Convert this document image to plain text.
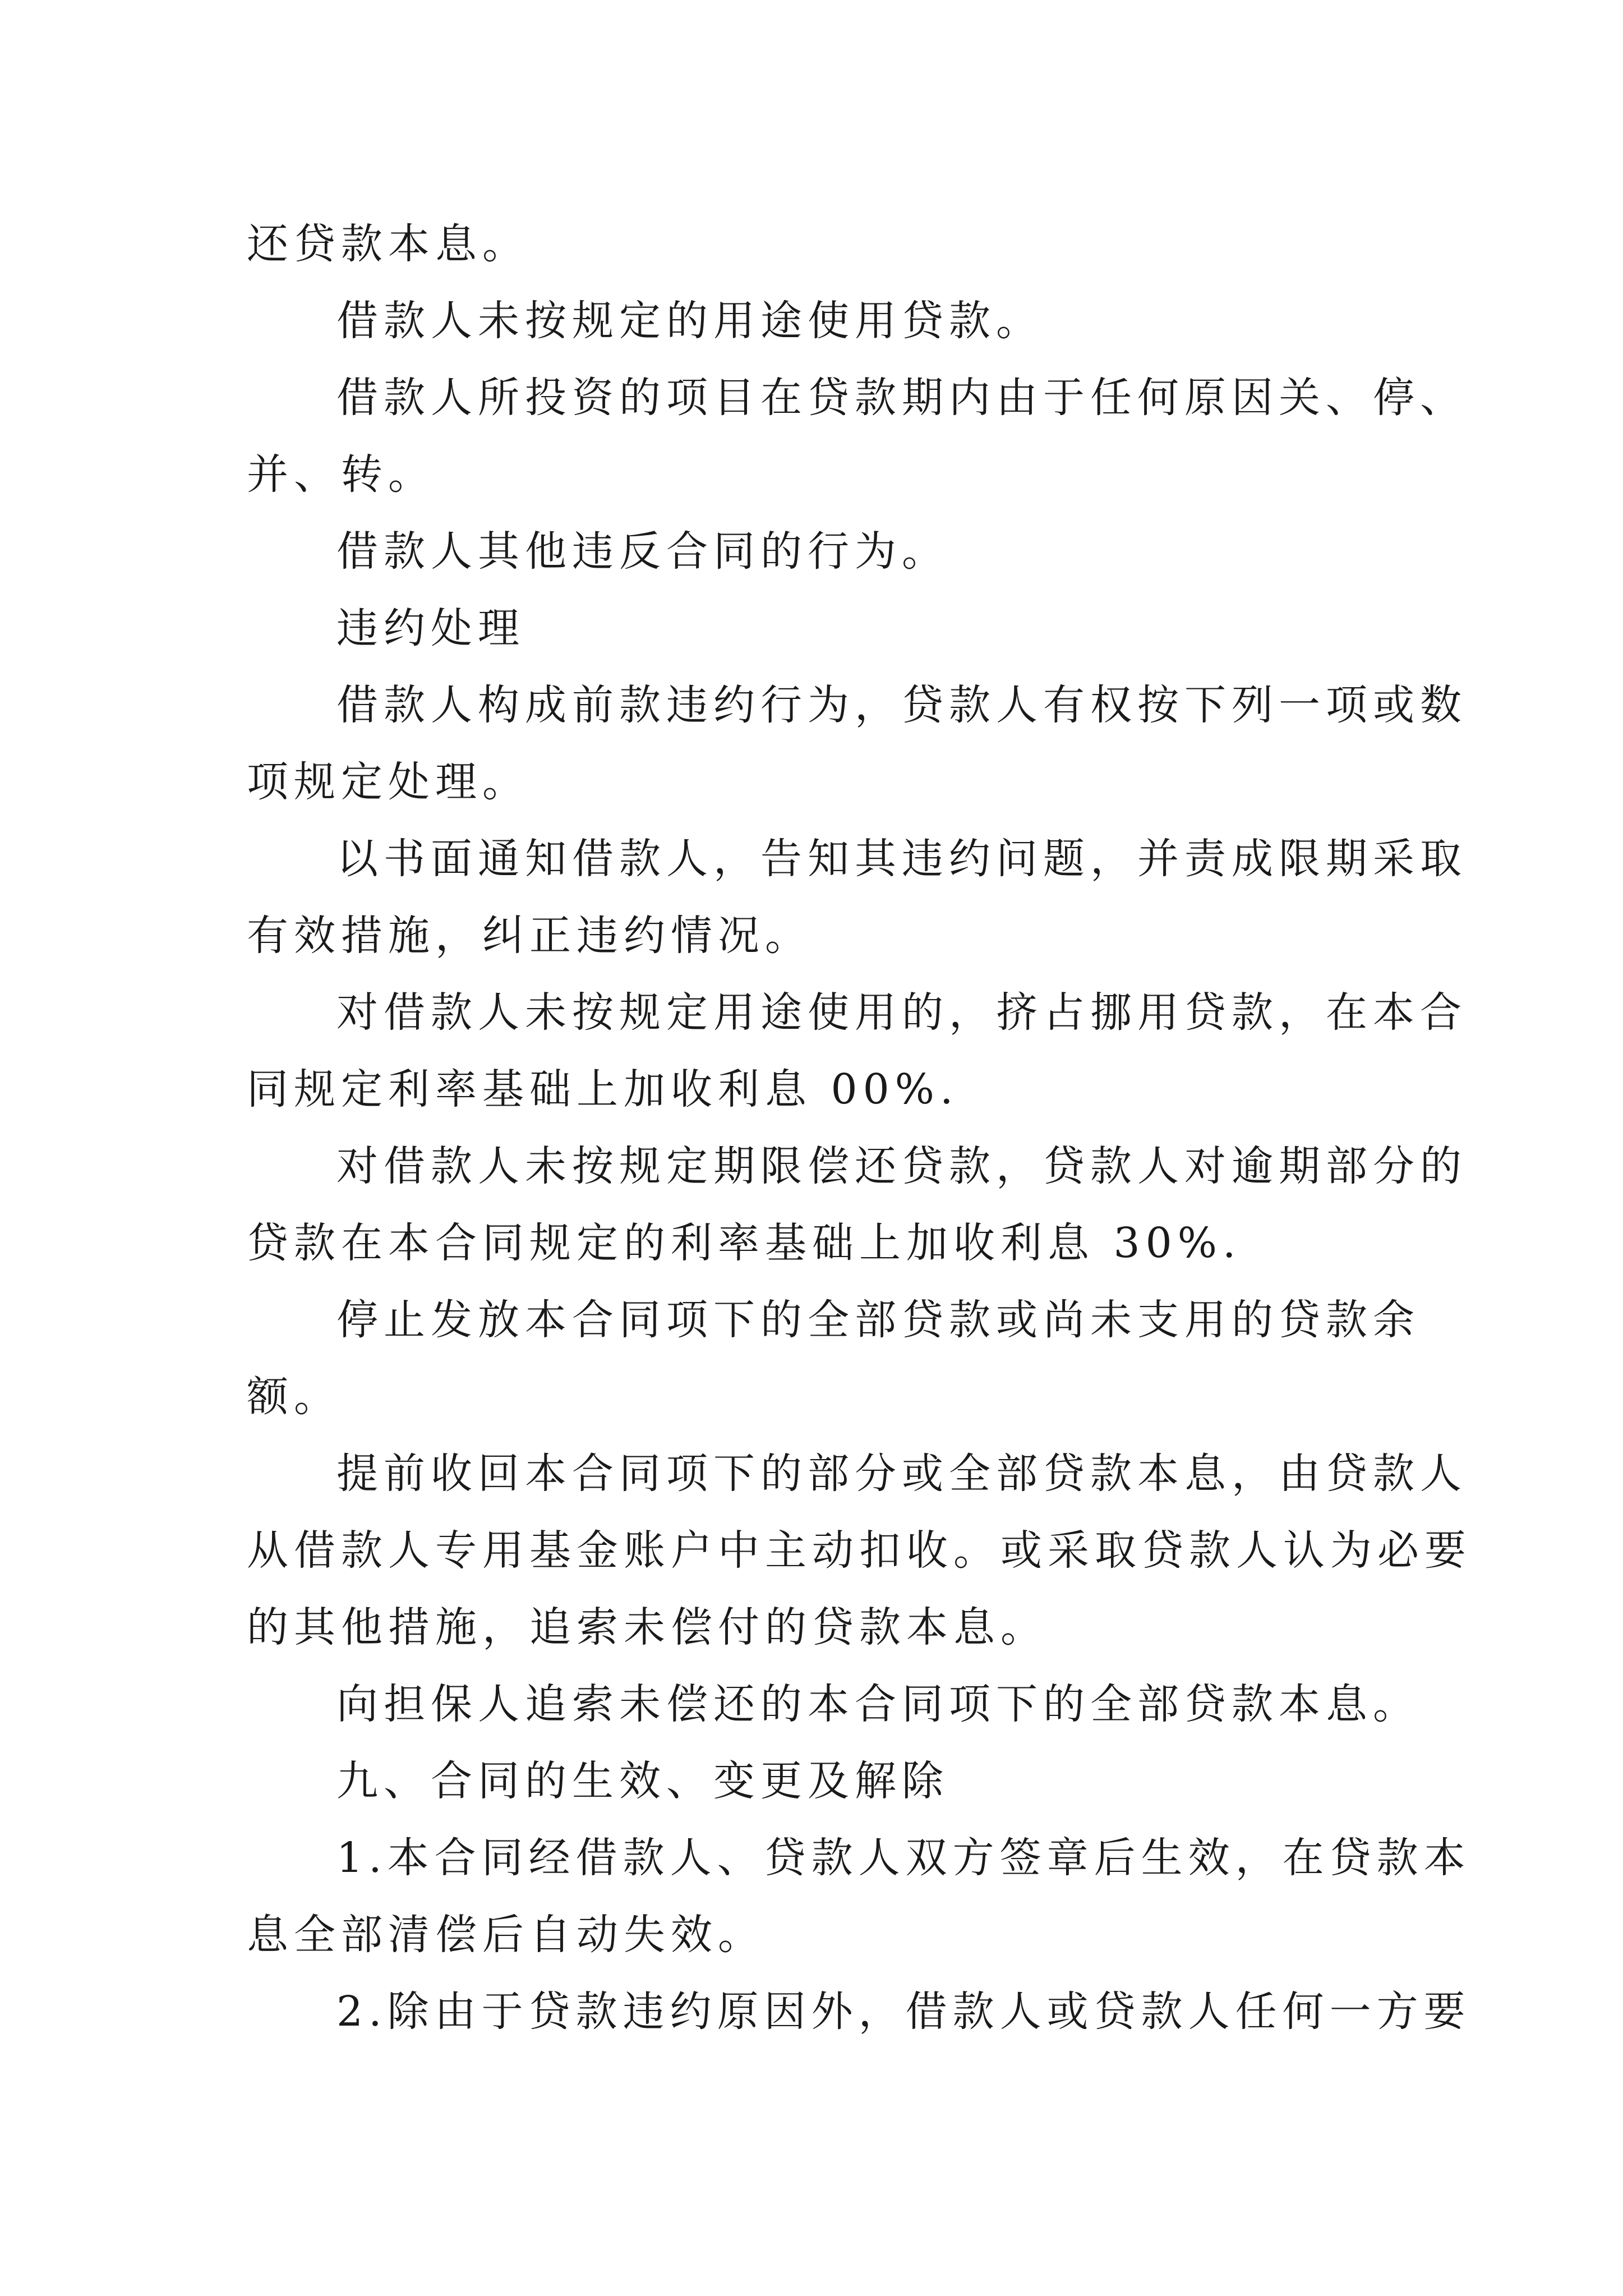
还贷款本息。
借款人未按规定的用途使用贷款。
借款人所投资的项目在贷款期内由于任何原因关、停、
并、转。
借款人其他违反合同的行为。
违约处理
借款人构成前款违约行为，贷款人有权按下列一项或数
项规定处理。
以书面通知借款人，告知其违约问题，并责成限期采取
有效措施，纠正违约情况。
对借款人未按规定用途使用的，挤占挪用贷款，在本合
同规定利率基础上加收利息 00%.
对借款人未按规定期限偿还贷款，贷款人对逾期部分的
贷款在本合同规定的利率基础上加收利息 30%.
停止发放本合同项下的全部贷款或尚未支用的贷款余
额。
提前收回本合同项下的部分或全部贷款本息，由贷款人
从借款人专用基金账户中主动扣收。或采取贷款人认为必要
的其他措施，追索未偿付的贷款本息。
向担保人追索未偿还的本合同项下的全部贷款本息。
九、合同的生效、变更及解除
1.本合同经借款人、贷款人双方签章后生效，在贷款本
息全部清偿后自动失效。
2.除由于贷款违约原因外，借款人或贷款人任何一方要
